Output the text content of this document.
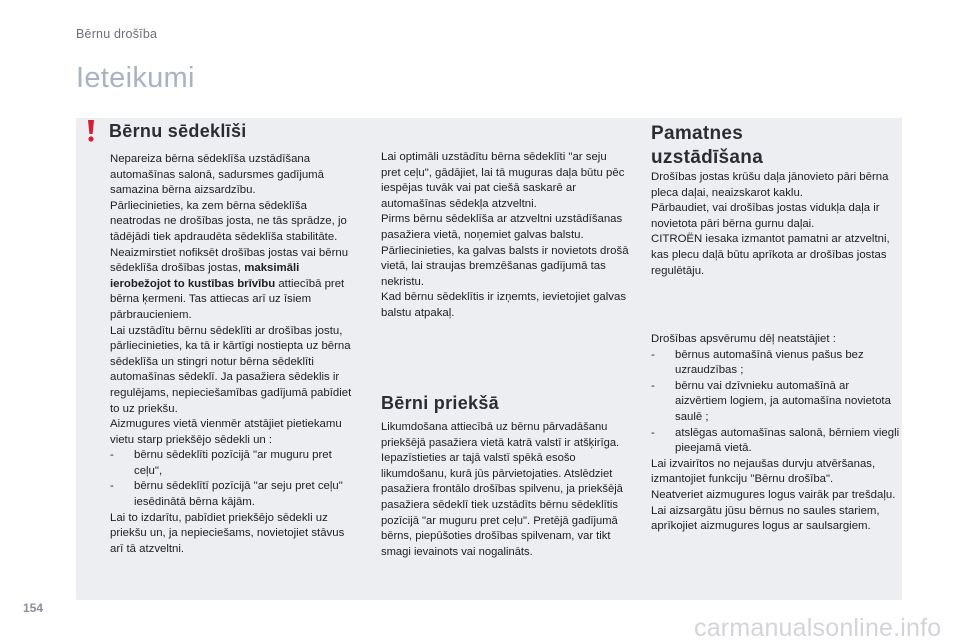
Bērnu drošība
Ieteikumi
Bērnu sēdeklīši

Nepareiza bērna sēdeklīša uzstādīšana automašīnas salonā, sadursmes gadījumā samazina bērna aizsardzību.

Pārliecinieties, ka zem bērna sēdeklīša neatrodas ne drošības josta, ne tās sprādze, jo tādējādi tiek apdraudēta sēdeklīša stabilitāte.

Neaizmirstiet nofiksēt drošības jostas vai bērnu sēdeklīša drošības jostas, maksimāli ierobežojot to kustības brīvību attiecībā pret bērna ķermeni. Tas attiecas arī uz īsiem pārbraucieniem.

Lai uzstādītu bērnu sēdeklīti ar drošības jostu, pārliecinieties, ka tā ir kārtīgi nostiepta uz bērna sēdeklīša un stingri notur bērna sēdeklīti automašīnas sēdeklī. Ja pasažiera sēdeklis ir regulējams, nepieciešamības gadījumā pabīdiet to uz priekšu.

Aizmugures vietā vienmēr atstājiet pietiekamu vietu starp priekšējo sēdekli un :

- bērnu sēdeklīti pozīcijā "ar muguru pret ceļu",

- bērnu sēdeklītī pozīcijā "ar seju pret ceļu" iesēdinātā bērna kājām.

Lai to izdarītu, pabīdiet priekšējo sēdekli uz priekšu un, ja nepieciešams, novietojiet stāvus arī tā atzveltni.

Lai optimāli uzstādītu bērna sēdeklīti "ar seju pret ceļu", gādājiet, lai tā muguras daļa būtu pēc iespējas tuvāk vai pat ciešā saskarē ar automašīnas sēdekļa atzveltni.

Pirms bērnu sēdeklīša ar atzveltni uzstādīšanas pasažiera vietā, noņemiet galvas balstu.

Pārliecinieties, ka galvas balsts ir novietots drošā vietā, lai straujas bremzēšanas gadījumā tas nekristu.

Kad bērnu sēdeklītis ir izņemts, ievietojiet galvas balstu atpakaļ.

Bērni priekšā

Likumdošana attiecībā uz bērnu pārvadāšanu priekšējā pasažiera vietā katrā valstī ir atšķirīga. Iepazīstieties ar tajā valstī spēkā esošo likumdošanu, kurā jūs pārvietojaties. Atslēdziet pasažiera frontālo drošības spilvenu, ja priekšējā pasažiera sēdeklī tiek uzstādīts bērnu sēdeklītis pozīcijā "ar muguru pret ceļu". Pretējā gadījumā bērns, piepūšoties drošības spilvenam, var tikt smagi ievainots vai nogalināts.

Pamatnes uzstādīšana

Drošības jostas krūšu daļa jānovieto pāri bērna pleca daļai, neaizskarot kaklu.

Pārbaudiet, vai drošības jostas vidukļa daļa ir novietota pāri bērna gurnu daļai.

CITROËN iesaka izmantot pamatni ar atzveltni, kas plecu daļā būtu aprīkota ar drošības jostas regulētāju.

Drošības apsvērumu dēļ neatstājiet :

- bērnus automašīnā vienus pašus bez uzraudzības ;

- bērnu vai dzīvnieku automašīnā ar aizvērtiem logiem, ja automašīna novietota saulē ;

- atslēgas automašīnas salonā, bērniem viegli pieejamā vietā.

Lai izvairītos no nejaušas durvju atvēršanas, izmantojiet funkciju "Bērnu drošība".

Neatveriet aizmugures logus vairāk par trešdaļu.

Lai aizsargātu jūsu bērnus no saules stariem, aprīkojiet aizmugures logus ar saulsargiem.

154
carmanualsonline.info
